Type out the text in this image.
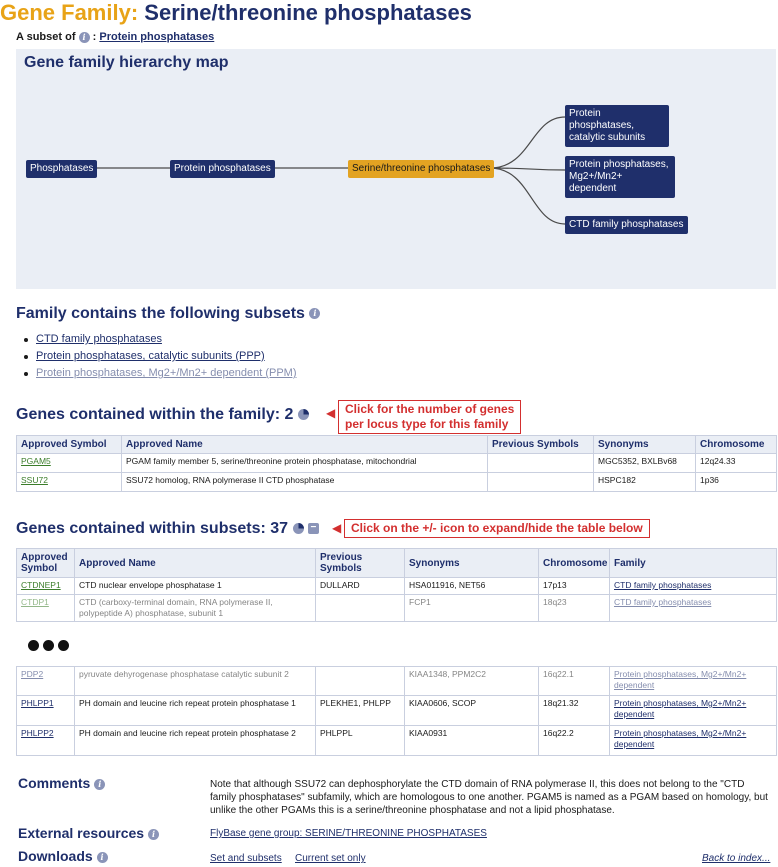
Gene Family: Serine/threonine phosphatases
A subset of i : Protein phosphatases
Gene family hierarchy map
Phosphatases	Protein phosphatases	Serine/threonine phosphatases
Protein phosphatases, catalytic subunits
Protein phosphatases, Mg2+/Mn2+ dependent
CTD family phosphatases
Family contains the following subsets i
CTD family phosphatases
Protein phosphatases, catalytic subunits (PPP)
Protein phosphatases, Mg2+/Mn2+ dependent (PPM)
Genes contained within the family: 2	◀ Click for the number of genes
per locus type for this family
Approved Symbol	Approved Name	Previous Symbols	Synonyms	Chromosome
PGAM5	PGAM family member 5, serine/threonine protein phosphatase, mitochondrial		MGC5352, BXLBv68	12q24.33
SSU72	SSU72 homolog, RNA polymerase II CTD phosphatase		HSPC182	1p36
Genes contained within subsets: 37 − ◀ Click on the +/- icon to expand/hide the table below
Approved Symbol	Approved Name	Previous Symbols	Synonyms	Chromosome	Family
CTDNEP1	CTD nuclear envelope phosphatase 1	DULLARD	HSA011916, NET56	17p13	CTD family phosphatases
CTDP1	CTD (carboxy-terminal domain, RNA polymerase II, polypeptide A) phosphatase, subunit 1		FCP1	18q23	CTD family phosphatases
PDP2	pyruvate dehyrogenase phosphatase catalytic subunit 2		KIAA1348, PPM2C2	16q22.1	Protein phosphatases, Mg2+/Mn2+ dependent
PHLPP1	PH domain and leucine rich repeat protein phosphatase 1	PLEKHE1, PHLPP	KIAA0606, SCOP	18q21.32	Protein phosphatases, Mg2+/Mn2+ dependent
PHLPP2	PH domain and leucine rich repeat protein phosphatase 2	PHLPPL	KIAA0931	16q22.2	Protein phosphatases, Mg2+/Mn2+ dependent
Comments i	Note that although SSU72 can dephosphorylate the CTD domain of RNA polymerase II, this does not belong to the "CTD family phosphatases" subfamily, which are homologous to one another. PGAM5 is named as a PGAM based on homology, but unlike the other PGAMs this is a serine/threonine phosphatase and not a lipid phosphatase.
External resources i	FlyBase gene group: SERINE/THREONINE PHOSPHATASES
Downloads i	Set and subsets Current set only	Back to index...
